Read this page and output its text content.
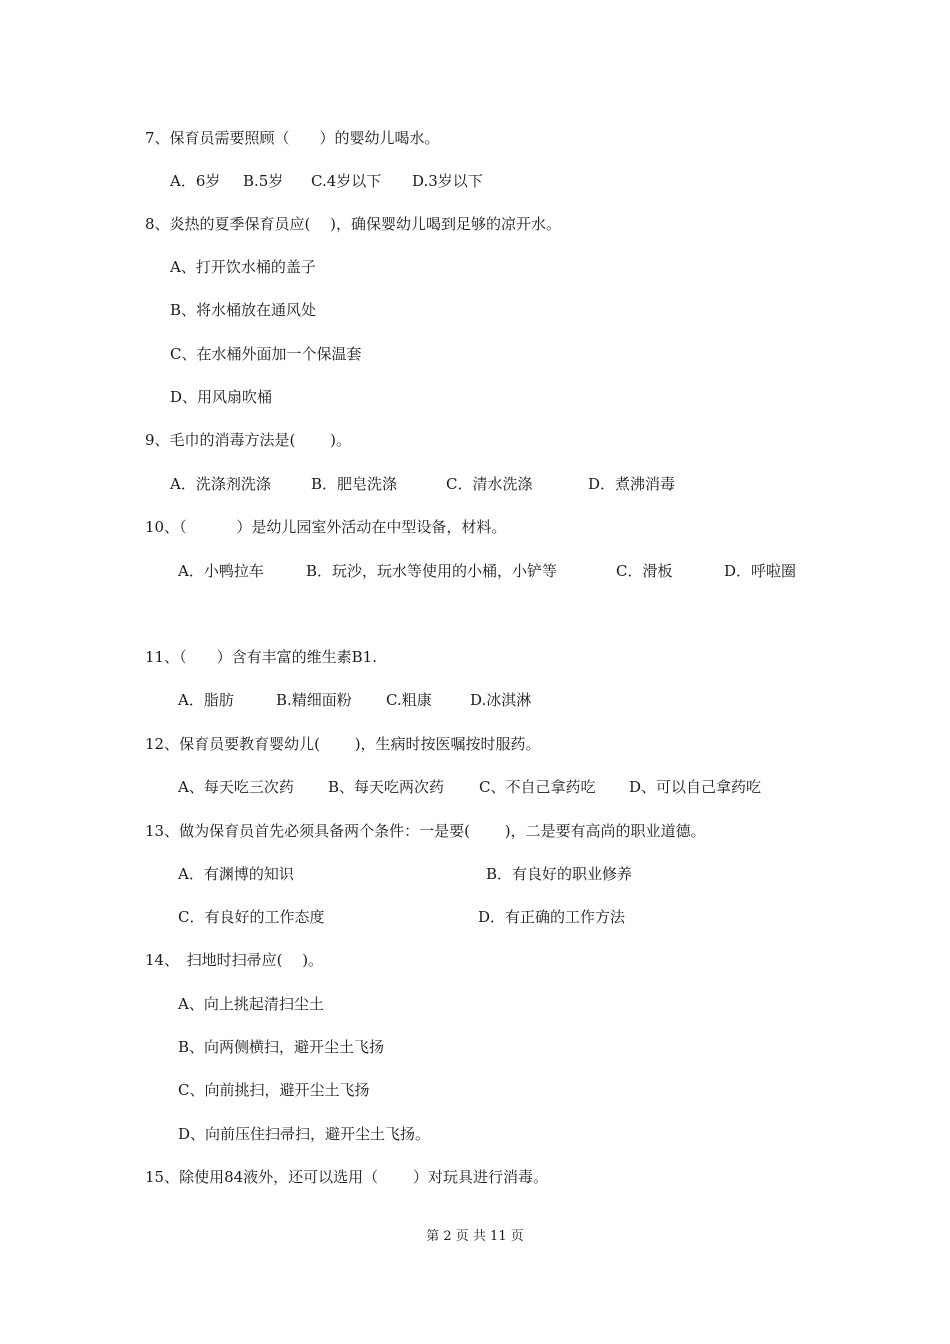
7、保育员需要照顾（　　）的婴幼儿喝水。
A．6岁 B.5岁 C.4岁以下 D.3岁以下
8、炎热的夏季保育员应(　 )，确保婴幼儿喝到足够的凉开水。
A、打开饮水桶的盖子
B、将水桶放在通风处
C、在水桶外面加一个保温套
D、用风扇吹桶
9、毛巾的消毒方法是(　　 )。
A．洗涤剂洗涤	B．肥皂洗涤	C．清水洗涤	D．煮沸消毒
10、（　　 　）是幼儿园室外活动在中型设备，材料。
A．小鸭拉车	B．玩沙，玩水等使用的小桶，小铲等	C．滑板	D．呼啦圈
11、（　　）含有丰富的维生素B1.
A．脂肪	B.精细面粉 C.粗康	D.冰淇淋
12、保育员要教育婴幼儿(　　 )，生病时按医嘱按时服药。
A、每天吃三次药 B、每天吃两次药 C、不自己拿药吃 D、可以自己拿药吃
13、做为保育员首先必须具备两个条件：一是要(　　 )，二是要有高尚的职业道德。
A．有渊博的知识	B．有良好的职业修养
C．有良好的工作态度	D．有正确的工作方法
14、　扫地时扫帚应(　 )。
A、向上挑起清扫尘土
B、向两侧横扫，避开尘土飞扬
C、向前挑扫，避开尘土飞扬
D、向前压住扫帚扫，避开尘土飞扬。
15、除使用84液外，还可以选用（　　 ）对玩具进行消毒。
第 2 页 共 11 页
